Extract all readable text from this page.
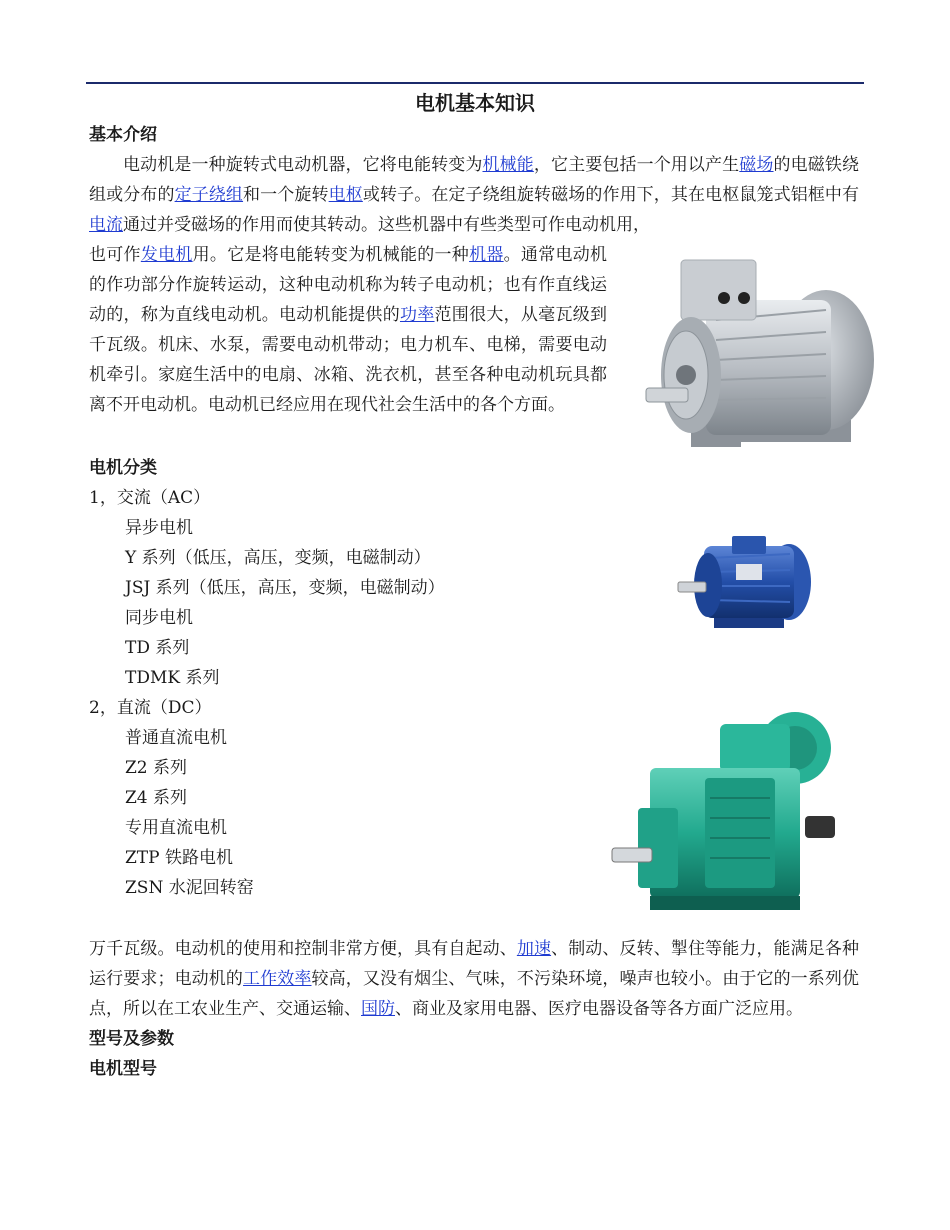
电机基本知识
基本介绍

电动机是一种旋转式电动机器，它将电能转变为机械能，它主要包括一个用以产生磁场的电磁铁绕组或分布的定子绕组和一个旋转电枢或转子。在定子绕组旋转磁场的作用下，其在电枢鼠笼式铝框中有电流通过并受磁场的作用而使其转动。这些机器中有些类型可作电动机用，

也可作发电机用。它是将电能转变为机械能的一种机器。通常电动机的作功部分作旋转运动，这种电动机称为转子电动机；也有作直线运动的，称为直线电动机。电动机能提供的功率范围很大，从毫瓦级到千瓦级。机床、水泵，需要电动机带动；电力机车、电梯，需要电动机牵引。家庭生活中的电扇、冰箱、洗衣机，甚至各种电动机玩具都离不开电动机。电动机已经应用在现代社会生活中的各个方面。

电机分类
1，交流（AC）
异步电机
Y 系列（低压，高压，变频，电磁制动）
JSJ 系列（低压，高压，变频，电磁制动）
同步电机
TD 系列
TDMK 系列
2，直流（DC）
普通直流电机
Z2 系列
Z4 系列
专用直流电机
ZTP 铁路电机
ZSN 水泥回转窑

万千瓦级。电动机的使用和控制非常方便，具有自起动、加速、制动、反转、掣住等能力，能满足各种运行要求；电动机的工作效率较高，又没有烟尘、气味，不污染环境，噪声也较小。由于它的一系列优点，所以在工农业生产、交通运输、国防、商业及家用电器、医疗电器设备等各方面广泛应用。

型号及参数
电机型号
